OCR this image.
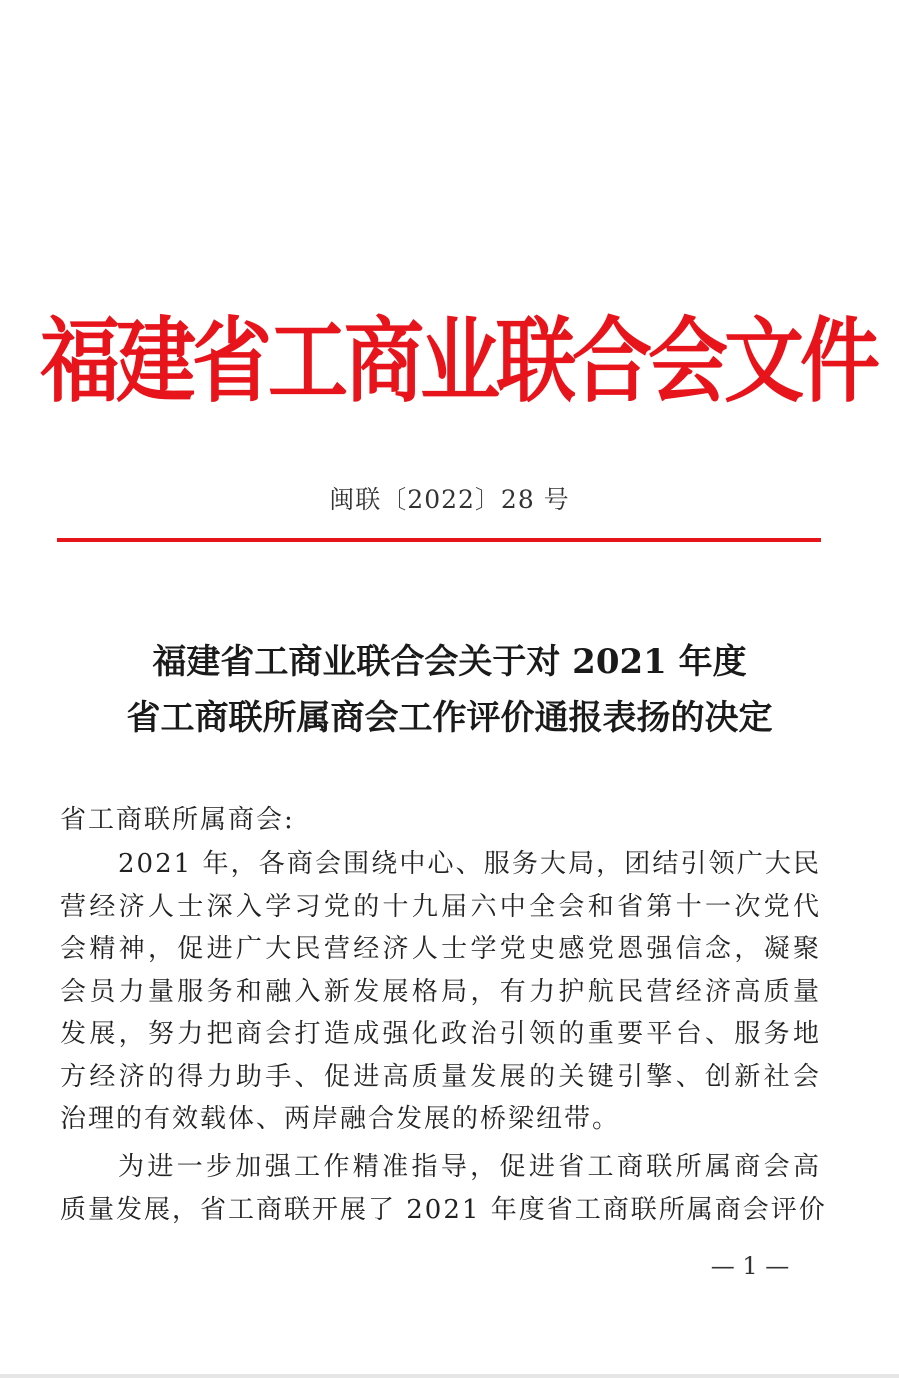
福建省工商业联合会文件
闽联〔2022〕28 号
福建省工商业联合会关于对 2021 年度
省工商联所属商会工作评价通报表扬的决定
省工商联所属商会:
2021 年，各商会围绕中心、服务大局，团结引领广大民
营经济人士深入学习党的十九届六中全会和省第十一次党代
会精神，促进广大民营经济人士学党史感党恩强信念，凝聚
会员力量服务和融入新发展格局，有力护航民营经济高质量
发展，努力把商会打造成强化政治引领的重要平台、服务地
方经济的得力助手、促进高质量发展的关键引擎、创新社会
治理的有效载体、两岸融合发展的桥梁纽带。
为进一步加强工作精准指导，促进省工商联所属商会高
质量发展，省工商联开展了 2021 年度省工商联所属商会评价
— 1 —
